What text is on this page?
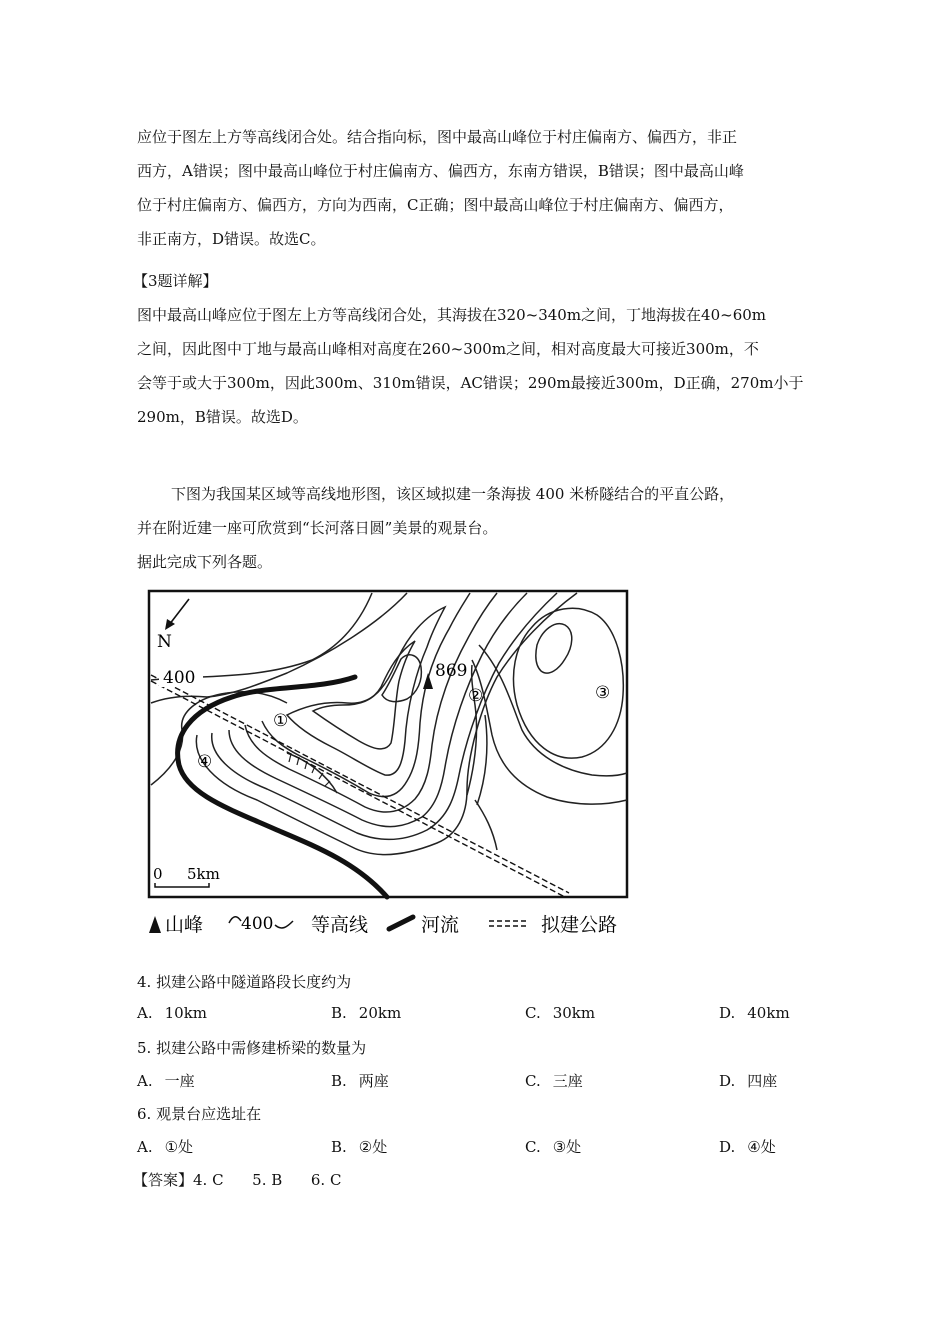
应位于图左上方等高线闭合处。结合指向标，图中最高山峰位于村庄偏南方、偏西方，非正
西方，A错误；图中最高山峰位于村庄偏南方、偏西方，东南方错误，B错误；图中最高山峰
位于村庄偏南方、偏西方，方向为西南，C正确；图中最高山峰位于村庄偏南方、偏西方，
非正南方，D错误。故选C。
【3题详解】
图中最高山峰应位于图左上方等高线闭合处，其海拔在320~340m之间，丁地海拔在40~60m
之间，因此图中丁地与最高山峰相对高度在260~300m之间，相对高度最大可接近300m，不
会等于或大于300m，因此300m、310m错误，AC错误；290m最接近300m，D正确，270m小于
290m，B错误。故选D。
下图为我国某区域等高线地形图，该区域拟建一条海拔 400 米桥隧结合的平直公路，
并在附近建一座可欣赏到“长河落日圆”美景的观景台。
据此完成下列各题。
N
400	869
①
②	③
④
0 5km
山峰 400 等高线	河流	拟建公路
4. 拟建公路中隧道路段长度约为
A. 10km	B. 20km	C. 30km	D. 40km
5. 拟建公路中需修建桥梁的数量为
A. 一座	B. 两座	C. 三座	D. 四座
6. 观景台应选址在
A. ①处	B. ②处	C. ③处	D. ④处
【答案】4. C      5. B      6. C
